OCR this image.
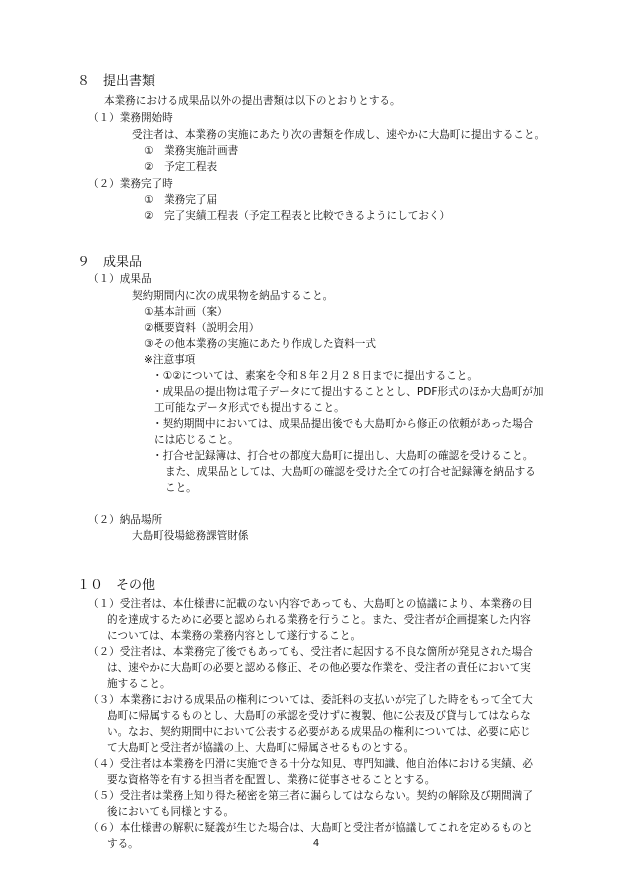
８　提出書類
本業務における成果品以外の提出書類は以下のとおりとする。
（１）業務開始時
受注者は、本業務の実施にあたり次の書類を作成し、速やかに大島町に提出すること。
①　業務実施計画書
②　予定工程表
（２）業務完了時
①　業務完了届
②　完了実績工程表（予定工程表と比較できるようにしておく）
９　成果品
（１）成果品
契約期間内に次の成果物を納品すること。
①基本計画（案）
②概要資料（説明会用）
③その他本業務の実施にあたり作成した資料一式
※注意事項
・①②については、素案を令和８年２月２８日までに提出すること。
・成果品の提出物は電子データにて提出することとし、PDF形式のほか大島町が加
工可能なデータ形式でも提出すること。
・契約期間中においては、成果品提出後でも大島町から修正の依頼があった場合
には応じること。
・打合せ記録簿は、打合せの都度大島町に提出し、大島町の確認を受けること。
また、成果品としては、大島町の確認を受けた全ての打合せ記録簿を納品する
こと。
（２）納品場所
大島町役場総務課管財係
１０　その他
（１）受注者は、本仕様書に記載のない内容であっても、大島町との協議により、本業務の目
的を達成するために必要と認められる業務を行うこと。また、受注者が企画提案した内容
については、本業務の業務内容として遂行すること。
（２）受注者は、本業務完了後でもあっても、受注者に起因する不良な箇所が発見された場合
は、速やかに大島町の必要と認める修正、その他必要な作業を、受注者の責任において実
施すること。
（３）本業務における成果品の権利については、委託料の支払いが完了した時をもって全て大
島町に帰属するものとし、大島町の承認を受けずに複製、他に公表及び貸与してはならな
い。なお、契約期間中において公表する必要がある成果品の権利については、必要に応じ
て大島町と受注者が協議の上、大島町に帰属させるものとする。
（４）受注者は本業務を円滑に実施できる十分な知見、専門知識、他自治体における実績、必
要な資格等を有する担当者を配置し、業務に従事させることとする。
（５）受注者は業務上知り得た秘密を第三者に漏らしてはならない。契約の解除及び期間満了
後においても同様とする。
（６）本仕様書の解釈に疑義が生じた場合は、大島町と受注者が協議してこれを定めるものと
する。	4
